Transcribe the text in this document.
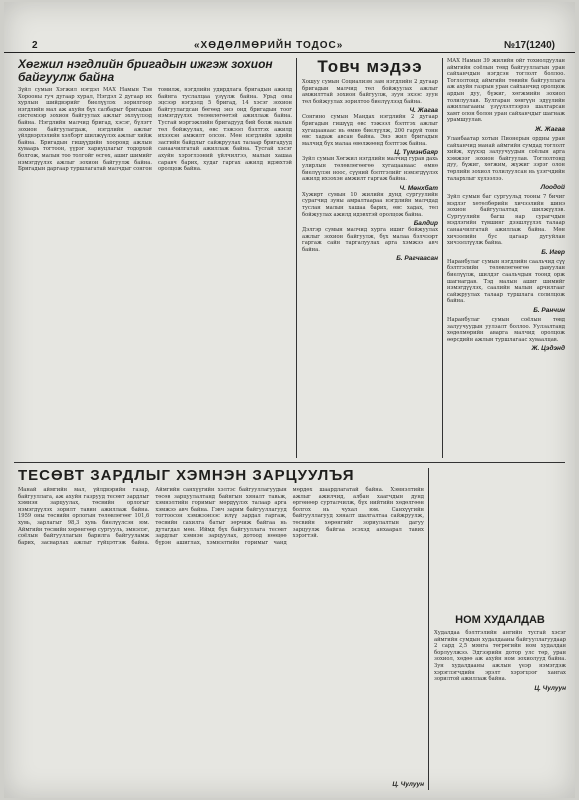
2	«ХӨДӨЛМӨРИЙН ТОДОС»	№17(1240)
Хөгжил нэгдлийн бригадын ижгэж зохион байгуулж байна
Зүйл сумын Хэгжил нэгдэл МАХ Намын Тэв Хорооны гуч дугаар хурал, Нэгдэл 2 дугаар их хурлын шийдвэрийг биелүүлэх зорилгоор нэгдлийн мал аж ахуйн бүх салбарыг бригадын системээр зохион байгуулах ажлыг эхлүүлээд байна. Нэгдлийн малчид бригад, хэсэг, бүлэгт зохион байгуулагдаж, нэгдлийн ажлыг үйлдвэрлэлийн хэлбэрт шилжүүлэх ажлыг хийж байна. Бригадын гишүүдийн хооронд ажлын хуваарь тогтоон, үүрэг хариуцлагыг тодорхой болгож, малын тоо толгойг өсгөх, ашиг шимийг нэмэгдүүлэх ажлыг зохион байгуулж байна. Бригадын даргаар туршлагатай малчдыг сонгон томилж, нэгдлийн удирдлага бригадын ажилд байнга туслалцаа үзүүлж байна. Урьд оны эцсээр нэгдэлд 5 бригад, 14 хэсэг зохион байгуулагдсан бөгөөд энэ онд бригадын тоог нэмэгдүүлэх төлөвлөгөөтэй ажиллаж байна. Тусгай мэргэжлийн бригадууд бий болж малын төл бойжуулах, өвс тэжээл бэлтгэх ажилд ихээхэн амжилт олсон. Мөн нэгдлийн эдийн засгийн байдлыг сайжруулах талаар бригадууд санаачилгатай ажиллаж байна. Тусгай хэсэг ахуйн хэрэглээний үйлчилгээ, малын хашаа саравч барих, худаг гаргах ажилд идэвхтэй оролцож байна.
Товч мэдээ
Хошуу сумын Социализм зам нэгдлийн 2 дугаар бригадын малчид төл бойжуулах ажлыг амжилттай зохион байгуулж, зуун эхээс зуун төл бойжуулах зорилтоо биелүүлээд байна.
Ч. Жагаа
Сонгино сумын Мандах нэгдлийн 2 дугаар бригадын гишүүд өвс тэжээл бэлтгэх ажлыг хугацаанаас нь өмнө биелүүлж, 200 гаруй тонн өвс хадаж авсан байна. Энэ жил бригадын малчид бүх малаа өвөлжөөнд бэлтгэж байна.
Ц. Түмэнбаяр
Зүйл сумын Хөгжил нэгдлийн малчид гурав дахь улирлын төлөвлөгөөгөө хугацаанаас өмнө биелүүлэн ноос, сүүний бэлтгэлийг нэмэгдүүлэх ажилд ихээхэн амжилт гаргаж байна.
Ч. Мөнхбат
Хужирт сумын 10 жилийн дунд сургуулийн сурагчид зуны амралтаараа нэгдлийн малчдад туслан малын хашаа барих, өвс хадах, төл бойжуулах ажилд идэвхтэй оролцож байна.
Балдир
Дэлгэр сумын малчид хурга ишиг бойжуулах ажлыг зохион байгуулж, бүх малаа бэлчээрт гаргаж сайн таргалуулах арга хэмжээ авч байна.
Б. Рагчаасан
МАХ Намын 39 жилийн ойг тохиолдуулан аймгийн соёлын төвд байгууллагын уран сайханчдын нэгдсэн тоглолт боллоо. Тоглолтонд аймгийн төвийн байгууллага аж ахуйн газрын уран сайханчид оролцож ардын дуу, бүжиг, хөгжмийн зохиол толилуулав. Булгаран хөвгүүн эдүүлийн ажиллагааны үзүүлэлтээрээ шалгарсан хамт олон болон уран сайханчдыг шагнаж урамшуулав.
Ж. Жагаа
Уланбаатар хотын Пионерын ордны уран сайханчид манай аймгийн сумдад тоглолт хийж, хүүхэд залуучуудын соёлын арга хэмжээг зохион байгуулав. Тоглолтонд дуу, бүжиг, хөгжим, жүжиг зэрэг олон төрлийн зохиол толилуулсан нь үзэгчдийн талархлыг хүлээлээ.
Лоодой
Зүйл сумын баг сургуульд тооны 7 бичиг мэдлэг хөтөлбөрийн хичээлийн шинэ зохион байгуулалтад шилжүүлэв. Сургуулийн багш нар сурагчдын мэдлэгийн түвшинг дээшлүүлэх талаар санаачилгатай ажиллаж байна. Мөн хичээлийн бус цагаар дугуйлан хичээллүүлж байна.
Б. Игер
Наранбулаг сумын нэгдлийн саальчид сүү бэлтгэлийн төлөвлөгөөгөө давуулан биелүүлж, шилдэг саальчдын тоонд орж шагнагдав. Тэд малын ашиг шимийг нэмэгдүүлэх, саалийн малын арчилгааг сайжруулах талаар туршлага солилцож байна.
Б. Ранчин
Наранбулаг сумын соёлын төвд залуучуудын уулзалт боллоо. Уулзалтанд хөдөлмөрийн аварга малчид оролцож өөрсдийн ажлын туршлагаас хуваалцав.
Ж. Цэдэнд
ТЕСӨВТ ЗАРДЛЫГ ХЭМНЭН ЗАРЦУУЛЪЯ
Манай аймгийн мал, үйлдвэрийн газар, байгууллага, аж ахуйн газрууд тесөвт зардлыг хэмнэн зарцуулах, төсвийн орлогыг нэмэгдүүлэх зорилт тавин ажиллаж байна. 1959 оны төсвийн орлогын төлөвлөгөөг 101,6 хувь, зарлагыг 98,3 хувь биелүүлсэн юм. Аймгийн төсвийн хөрөнгөөр сургууль, эмнэлэг, соёлын байгууллагын барилга байгууламж барих, засварлах ажлыг гүйцэтгэж байна. Аймгийн санхүүгийн хэлтэс байгууллагуудын төсөв зарцуулалтанд байнгын хяналт тавьж, хэмнэлтийн горимыг мөрдүүлэх талаар арга хэмжээ авч байна. Гэвч зарим байгууллагууд тогтоосон хэмжээнээс илүү зардал гаргаж, төсвийн сахилга батыг зөрчиж байгаа нь дутагдал мөн. Иймд бүх байгууллага тесөвт зардлыг хэмнэн зарцуулах, дотоод нөөцөө бүрэн ашиглах, хэмнэлтийн горимыг чанд мөрдөх шаардлагатай байна. Хэмнэлтийн ажлыг ажилчид, албан хаагчдын дунд өргөнөөр сурталчилж, бүх нийтийн хөдөлгөөн болгох нь чухал юм. Санхүүгийн байгууллагууд хяналт шалгалтаа сайжруулж, төсвийн хөрөнгийг зориулалтын дагуу зарцуулж байгаа эсэхэд анхаарал тавих хэрэгтэй.
Ц. Чулуун
НОМ ХУДАЛДАВ
Худалдаа бэлтгэлийн ангийн тусгай хэсэг аймгийн сумдын худалдааны байгууллагуудаар 2 сард 2,5 мянга төгрөгийн ном худалдан борлуулжээ. Эдгээрийн дотор улс төр, уран зохиол, хөдөө аж ахуйн ном зохиолууд байна. Зун худалдааны ажлын үеэр нэмэгдэж хэрэглэгчдийн эрэлт хэрэгцээг хангах зорилтой ажиллаж байна.
Ц. Чулуун
